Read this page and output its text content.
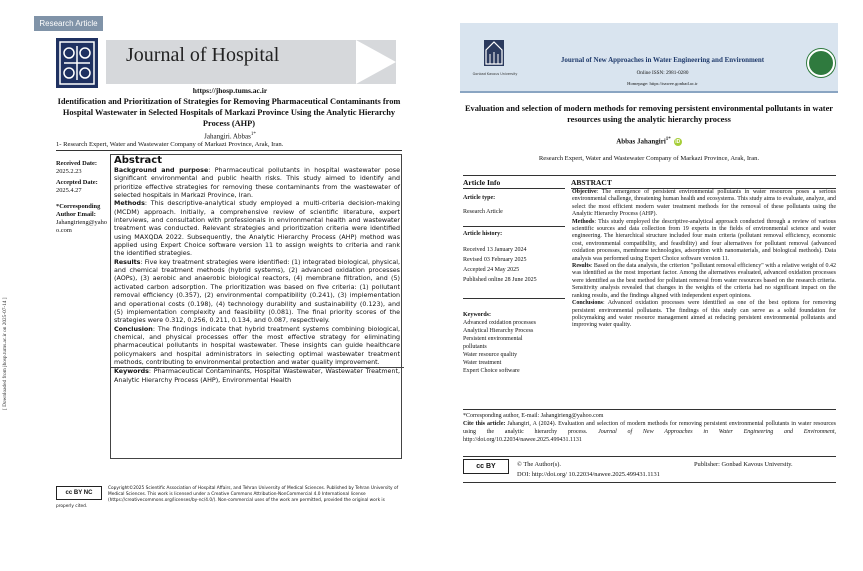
Research Article
Journal of Hospital
https://jhosp.tums.ac.ir
Identification and Prioritization of Strategies for Removing Pharmaceutical Contaminants from Hospital Wastewater in Selected Hospitals of Markazi Province Using the Analytic Hierarchy Process (AHP)
Jahangiri. Abbas$^{1*}$
1- Research Expert, Water and Wastewater Company of Markazi Province, Arak, Iran.
Received Date:
2025.2.23
Accepted Date:
2025.4.27
*Corresponding Author Email:
Jahangirieng@yahoo.com
Abstract
Background and purpose: Pharmaceutical pollutants in hospital wastewater pose significant environmental and public health risks. This study aimed to identify and prioritize effective strategies for removing these contaminants from the wastewater of selected hospitals in Markazi Province, Iran.
Methods: This descriptive-analytical study employed a multi-criteria decision-making (MCDM) approach. Initially, a comprehensive review of scientific literature, expert interviews, and consultation with professionals in environmental health and wastewater treatment was conducted. Relevant strategies and prioritization criteria were identified using MAXQDA 2022. Subsequently, the Analytic Hierarchy Process (AHP) method was applied using Expert Choice software version 11 to assign weights to criteria and rank the identified strategies.
Results: Five key treatment strategies were identified: (1) integrated biological, physical, and chemical treatment methods (hybrid systems), (2) advanced oxidation processes (AOPs), (3) aerobic and anaerobic biological reactors, (4) membrane filtration, and (5) activated carbon adsorption. The prioritization was based on five criteria: (1) pollutant removal efficiency (0.357), (2) environmental compatibility (0.241), (3) implementation and operational costs (0.198), (4) technology durability and sustainability (0.123), and (5) implementation complexity and feasibility (0.081). The final priority scores of the strategies were 0.312, 0.256, 0.211, 0.134, and 0.087, respectively.
Conclusion: The findings indicate that hybrid treatment systems combining biological, chemical, and physical processes offer the most effective strategy for eliminating pharmaceutical pollutants in hospital wastewater. These insights can guide healthcare policymakers and hospital administrators in selecting optimal wastewater treatment methods, contributing to environmental protection and water quality improvement.
Keywords: Pharmaceutical Contaminants, Hospital Wastewater, Wastewater Treatment, Analytic Hierarchy Process (AHP), Environmental Health
cc BY NC
Copyright©2025 Scientific Association of Hospital Affairs, and Tehran University of Medical Sciences. Published by Tehran University of Medical Sciences. This work is licensed under a Creative Commons Attribution-NonCommercial 4.0 International license (https://creativecommons.org/licenses/by-nc/4.0/). Non-commercial uses of the work are permitted, provided the original work is properly cited.
[ Downloaded from jhosp.tums.ac.ir on 2025-07-14 ]
Gonbad Kavous University
Journal of New Approaches in Water Engineering and Environment
Online ISSN: 2981-0280
Homepage: https://nawee.gonbad.ac.ir
Evaluation and selection of modern methods for removing persistent environmental pollutants in water resources using the analytic hierarchy process
Abbas Jahangiri$^{1*}$ iD
Research Expert, Water and Wastewater Company of Markazi Province, Arak, Iran.
Article Info	ABSTRACT
Article type:
Research Article
Article history:
Received 13 January 2024
Revised 03 February 2025
Accepted 24 May 2025
Published online 28 June 2025
Keywords:
Advanced oxidation processes
Analytical Hierarchy Process
Persistent environmental
pollutants
Water resource quality
Water treatment
Expert Choice software
Objective: The emergence of persistent environmental pollutants in water resources poses a serious environmental challenge, threatening human health and ecosystems. This study aims to evaluate, analyze, and select the most efficient modern water treatment methods for the removal of these pollutants using the Analytic Hierarchy Process (AHP).
Methods: This study employed the descriptive-analytical approach conducted through a review of various scientific sources and data collection from 19 experts in the fields of environmental science and water engineering. The hierarchical structure included four main criteria (pollutant removal efficiency, economic cost, environmental compatibility, and feasibility) and four alternatives for pollutant removal (advanced oxidation processes, membrane technologies, adsorption with nanomaterials, and biological methods). Data analysis was performed using Expert Choice software version 11.
Results: Based on the data analysis, the criterion "pollutant removal efficiency" with a relative weight of 0.42 was identified as the most important factor. Among the alternatives evaluated, advanced oxidation processes were identified as the best method for pollutant removal from water resources based on the research criteria. Sensitivity analysis revealed that changes in the weights of the criteria had no significant impact on the ranking results, and the findings aligned with independent expert opinions.
Conclusions: Advanced oxidation processes were identified as one of the best options for removing persistent environmental pollutants. The findings of this study can serve as a solid foundation for policymaking and water resource management aimed at reducing persistent environmental pollutants and improving water quality.
*Corresponding author, E-mail: Jahangirieng@yahoo.com
Cite this article: Jahangiri, A (2024). Evaluation and selection of modern methods for removing persistent environmental pollutants in water resources using the analytic hierarchy process. Journal of New Approaches in Water Engineering and Environment, http://doi.org/10.22034/nawee.2025.499431.1131
cc BY	© The Author(s).	Publisher: Gonbad Kavous University.
DOI: http://doi.org/ 10.22034/nawee.2025.499431.1131
